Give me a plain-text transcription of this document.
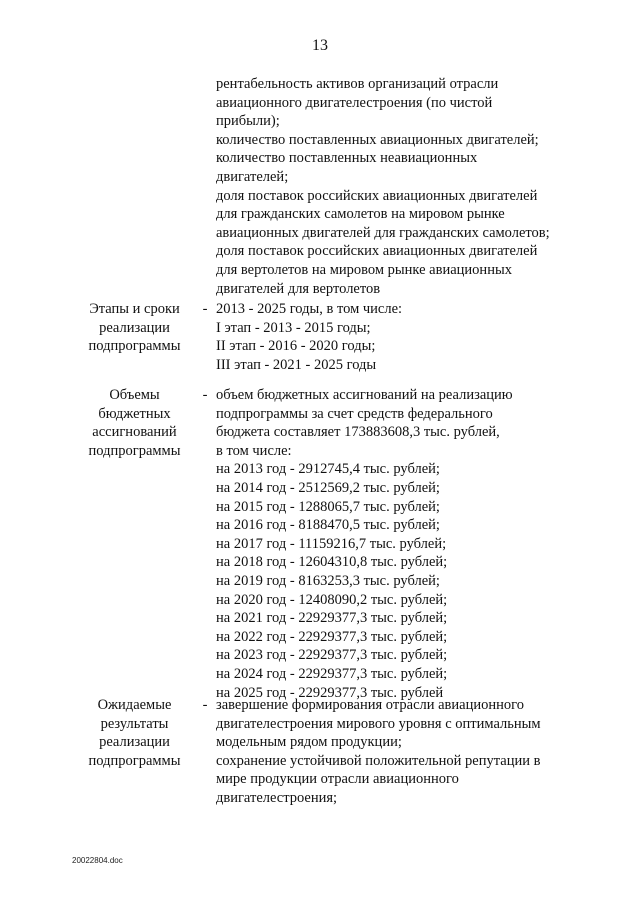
13
рентабельность активов организаций отрасли
авиационного двигателестроения (по чистой
прибыли);
количество поставленных авиационных двигателей;
количество поставленных неавиационных
двигателей;
доля поставок российских авиационных двигателей
для гражданских самолетов на мировом рынке
авиационных двигателей для гражданских самолетов;
доля поставок российских авиационных двигателей
для вертолетов на мировом рынке авиационных
двигателей для вертолетов
Этапы и сроки
реализации
подпрограммы
- 2013 - 2025 годы, в том числе:
I этап - 2013 - 2015 годы;
II этап - 2016 - 2020 годы;
III этап - 2021 - 2025 годы
Объемы
бюджетных
ассигнований
подпрограммы
- объем бюджетных ассигнований на реализацию
подпрограммы за счет средств федерального
бюджета составляет 173883608,3 тыс. рублей,
в том числе:
на 2013 год - 2912745,4 тыс. рублей;
на 2014 год - 2512569,2 тыс. рублей;
на 2015 год - 1288065,7 тыс. рублей;
на 2016 год - 8188470,5 тыс. рублей;
на 2017 год - 11159216,7 тыс. рублей;
на 2018 год - 12604310,8 тыс. рублей;
на 2019 год - 8163253,3 тыс. рублей;
на 2020 год - 12408090,2 тыс. рублей;
на 2021 год - 22929377,3 тыс. рублей;
на 2022 год - 22929377,3 тыс. рублей;
на 2023 год - 22929377,3 тыс. рублей;
на 2024 год - 22929377,3 тыс. рублей;
на 2025 год - 22929377,3 тыс. рублей
Ожидаемые
результаты
реализации
подпрограммы
- завершение формирования отрасли авиационного
двигателестроения мирового уровня с оптимальным
модельным рядом продукции;
сохранение устойчивой положительной репутации в
мире продукции отрасли авиационного
двигателестроения;
20022804.doc
